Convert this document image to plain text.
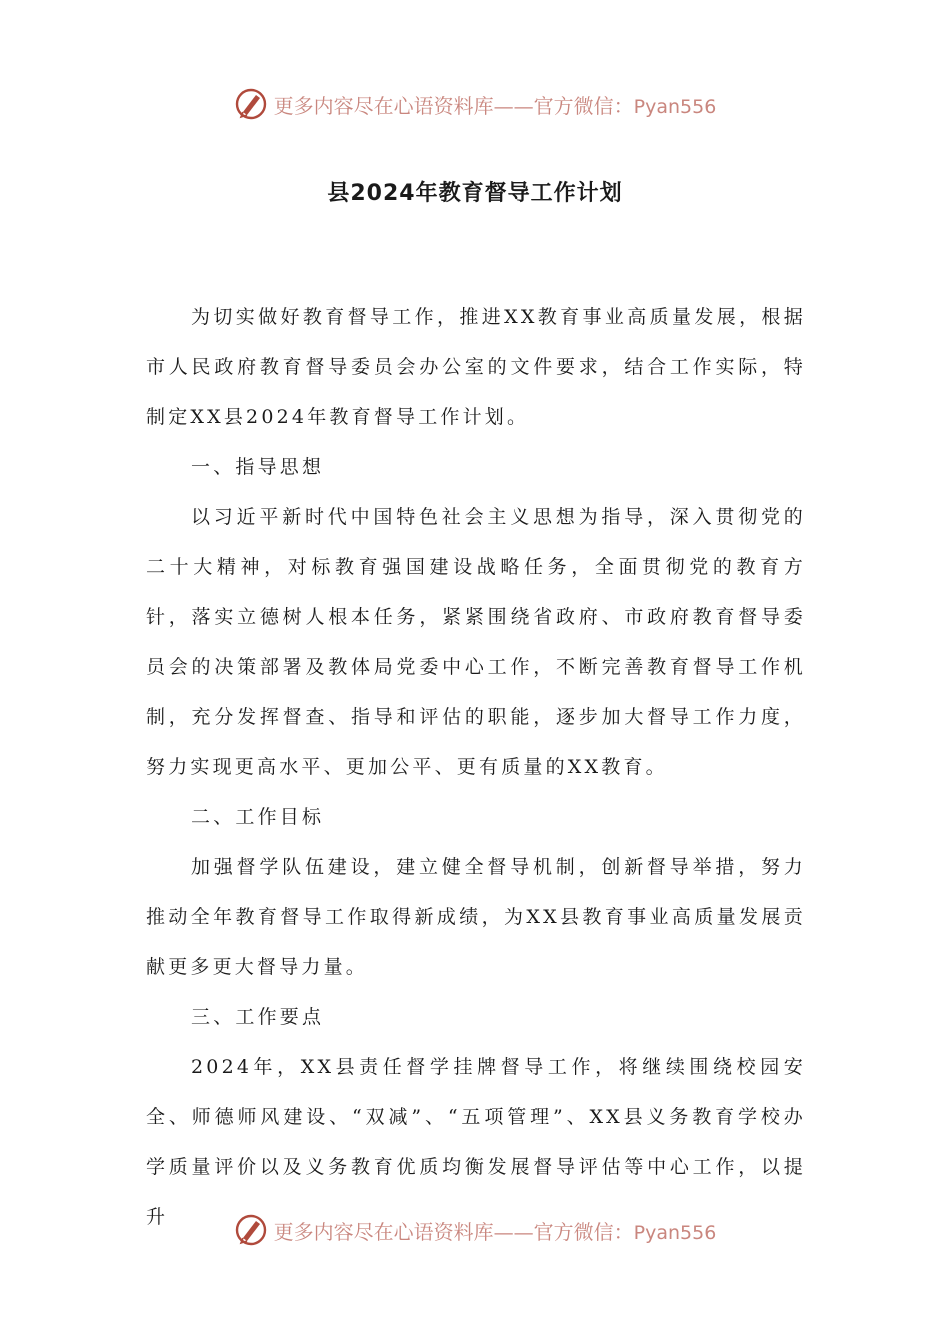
更多内容尽在心语资料库——官方微信：Pyan556
县2024年教育督导工作计划

为切实做好教育督导工作，推进XX教育事业高质量发展，根据市人民政府教育督导委员会办公室的文件要求，结合工作实际，特制定XX县2024年教育督导工作计划。

一、指导思想

以习近平新时代中国特色社会主义思想为指导，深入贯彻党的二十大精神，对标教育强国建设战略任务，全面贯彻党的教育方针，落实立德树人根本任务，紧紧围绕省政府、市政府教育督导委员会的决策部署及教体局党委中心工作，不断完善教育督导工作机制，充分发挥督查、指导和评估的职能，逐步加大督导工作力度，努力实现更高水平、更加公平、更有质量的XX教育。

二、工作目标

加强督学队伍建设，建立健全督导机制，创新督导举措，努力推动全年教育督导工作取得新成绩，为XX县教育事业高质量发展贡献更多更大督导力量。

三、工作要点

2024年，XX县责任督学挂牌督导工作，将继续围绕校园安全、师德师风建设、“双减”、“五项管理”、XX县义务教育学校办学质量评价以及义务教育优质均衡发展督导评估等中心工作，以提升

更多内容尽在心语资料库——官方微信：Pyan556
